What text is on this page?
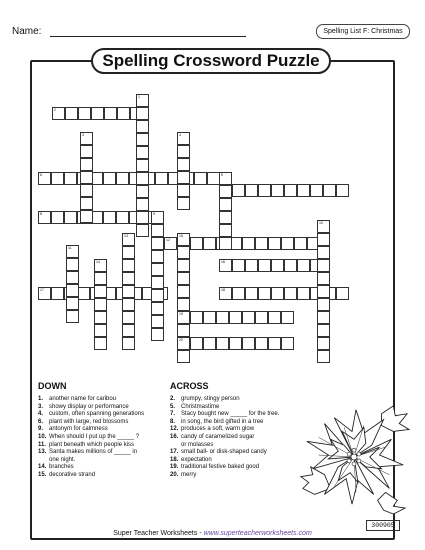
Name:	Spelling List F: Christmas
Spelling Crossword Puzzle
2
6
8
12
16
17	18
19
20
1
3	4
5
9
13
11
14
10
15
DOWN
1. another name for caribou
3. showy display or performance
4. custom, often spanning generations
6. plant with large, red blossoms
9. antonym for calmness
10. When should I put up the _____ ?
11. plant beneath which people kiss
13. Santa makes millions of _____ in
one night.
14. branches
15. decorative strand
ACROSS
2. grumpy, stingy person
5. Christmastime
7. Stacy bought new _____ for the tree.
8. in song, the bird gifted in a tree
12. produces a soft, warm glow
16. candy of caramelized sugar
or molasses
17. small ball- or disk-shaped candy
18. expectation
19. traditional festive baked good
20. merry
300905
Super Teacher Worksheets - www.superteacherworksheets.com
